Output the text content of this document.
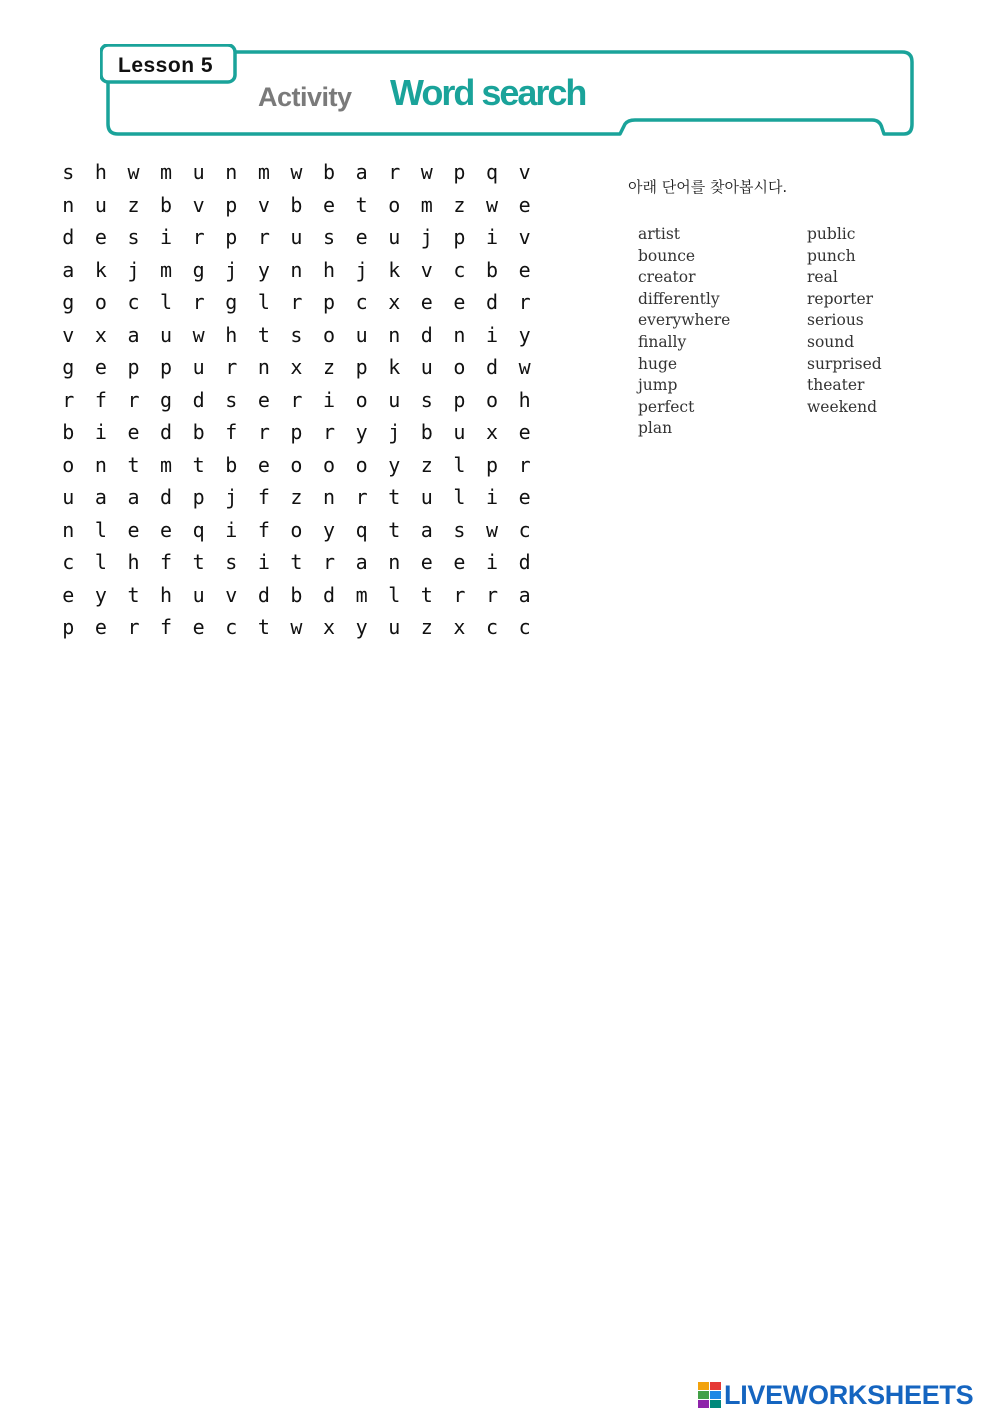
Lesson 5
Activity Word search
s	h	w	m	u	n	m	w	b	a	r	w	p	q	v
n	u	z	b	v	p	v	b	e	t	o	m	z	w	e
d	e	s	i	r	p	r	u	s	e	u	j	p	i	v
a	k	j	m	g	j	y	n	h	j	k	v	c	b	e
g	o	c	l	r	g	l	r	p	c	x	e	e	d	r
v	x	a	u	w	h	t	s	o	u	n	d	n	i	y
g	e	p	p	u	r	n	x	z	p	k	u	o	d	w
r	f	r	g	d	s	e	r	i	o	u	s	p	o	h
b	i	e	d	b	f	r	p	r	y	j	b	u	x	e
o	n	t	m	t	b	e	o	o	o	y	z	l	p	r
u	a	a	d	p	j	f	z	n	r	t	u	l	i	e
n	l	e	e	q	i	f	o	y	q	t	a	s	w	c
c	l	h	f	t	s	i	t	r	a	n	e	e	i	d
e	y	t	h	u	v	d	b	d	m	l	t	r	r	a
p	e	r	f	e	c	t	w	x	y	u	z	x	c	c
아래 단어를 찾아봅시다.
artist
bounce
creator
differently
everywhere
finally
huge
jump
perfect
plan
public
punch
real
reporter
serious
sound
surprised
theater
weekend
LIVEWORKSHEETS
